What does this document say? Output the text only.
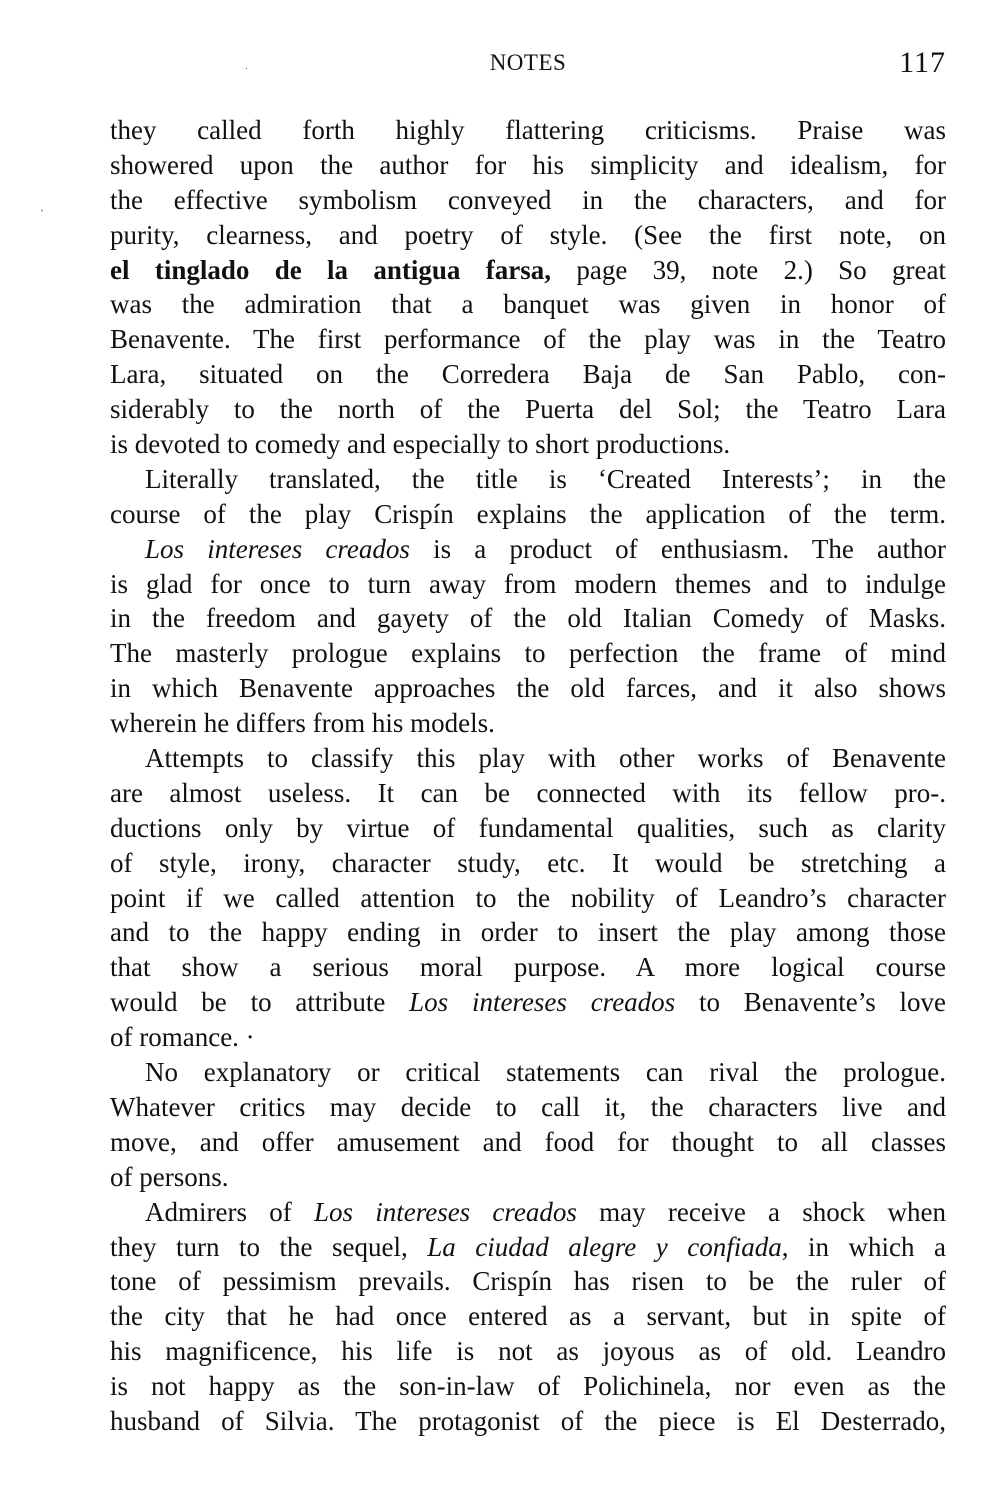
NOTES	117
they called forth highly flattering criticisms. Praise was
showered upon the author for his simplicity and idealism, for
the effective symbolism conveyed in the characters, and for
purity, clearness, and poetry of style. (See the first note, on
el tinglado de la antigua farsa, page 39, note 2.) So great
was the admiration that a banquet was given in honor of
Benavente. The first performance of the play was in the Teatro
Lara, situated on the Corredera Baja de San Pablo, con-
siderably to the north of the Puerta del Sol; the Teatro Lara
is devoted to comedy and especially to short productions.
Literally translated, the title is ‘Created Interests’; in the
course of the play Crispín explains the application of the term.
Los intereses creados is a product of enthusiasm. The author
is glad for once to turn away from modern themes and to indulge
in the freedom and gayety of the old Italian Comedy of Masks.
The masterly prologue explains to perfection the frame of mind
in which Benavente approaches the old farces, and it also shows
wherein he differs from his models.
Attempts to classify this play with other works of Benavente
are almost useless. It can be connected with its fellow pro-.
ductions only by virtue of fundamental qualities, such as clarity
of style, irony, character study, etc. It would be stretching a
point if we called attention to the nobility of Leandro’s character
and to the happy ending in order to insert the play among those
that show a serious moral purpose. A more logical course
would be to attribute Los intereses creados to Benavente’s love
of romance. ·
No explanatory or critical statements can rival the prologue.
Whatever critics may decide to call it, the characters live and
move, and offer amusement and food for thought to all classes
of persons.
Admirers of Los intereses creados may receive a shock when
they turn to the sequel, La ciudad alegre y confiada, in which a
tone of pessimism prevails. Crispín has risen to be the ruler of
the city that he had once entered as a servant, but in spite of
his magnificence, his life is not as joyous as of old. Leandro
is not happy as the son-in-law of Polichinela, nor even as the
husband of Silvia. The protagonist of the piece is El Desterrado,
